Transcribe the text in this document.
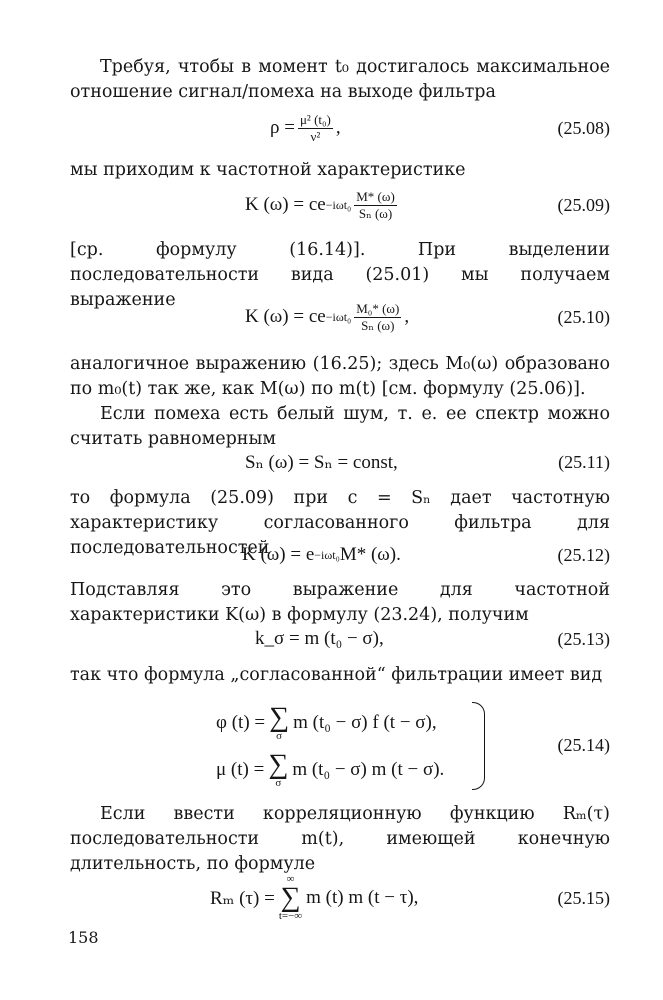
Требуя, чтобы в момент t₀ достигалось максимальное отношение сигнал/помеха на выходе фильтра
$\rho = \frac{\text{μ² (t₀)}}{\text{ν²}}$ ,	(25.08)
мы приходим к частотной характеристике
K (ω) = ce $-i\omega t_0 \frac{M* (\omega)}{\text{Sₙ (ω)}}$	(25.09)
[ср. формулу (16.14)]. При выделении последовательности вида (25.01) мы получаем выражение
K (ω) = ce $-i\omega t_0 \frac{\text{M₀* (ω)}}{\text{Sₙ (ω)}}$ ,	(25.10)
аналогичное выражению (16.25); здесь M₀(ω) образовано по m₀(t) так же, как M(ω) по m(t) [см. формулу (25.06)].
Если помеха есть белый шум, т. е. ее спектр можно считать равномерным
Sₙ (ω) = Sₙ = const,	(25.11)
то формула (25.09) при c = Sₙ дает частотную характеристику согласованного фильтра для последовательностей
K (ω) = e −iωt₀ M* (ω).	(25.12)
Подставляя это выражение для частотной характеристики K(ω) в формулу (23.24), получим
k_σ = m (t₀ − σ),	(25.13)
так что формула „согласованной“ фильтрации имеет вид
φ (t) = ∑
σ
m (t₀ − σ) f (t − σ),
μ (t) = ∑
σ
m (t₀ − σ) m (t − σ).
(25.14)
Если ввести корреляционную функцию Rₘ(τ) последовательности m(t), имеющей конечную длительность, по формуле
Rₘ (τ) =
∞
∑
t=−∞
m (t) m (t − τ),	(25.15)
158
